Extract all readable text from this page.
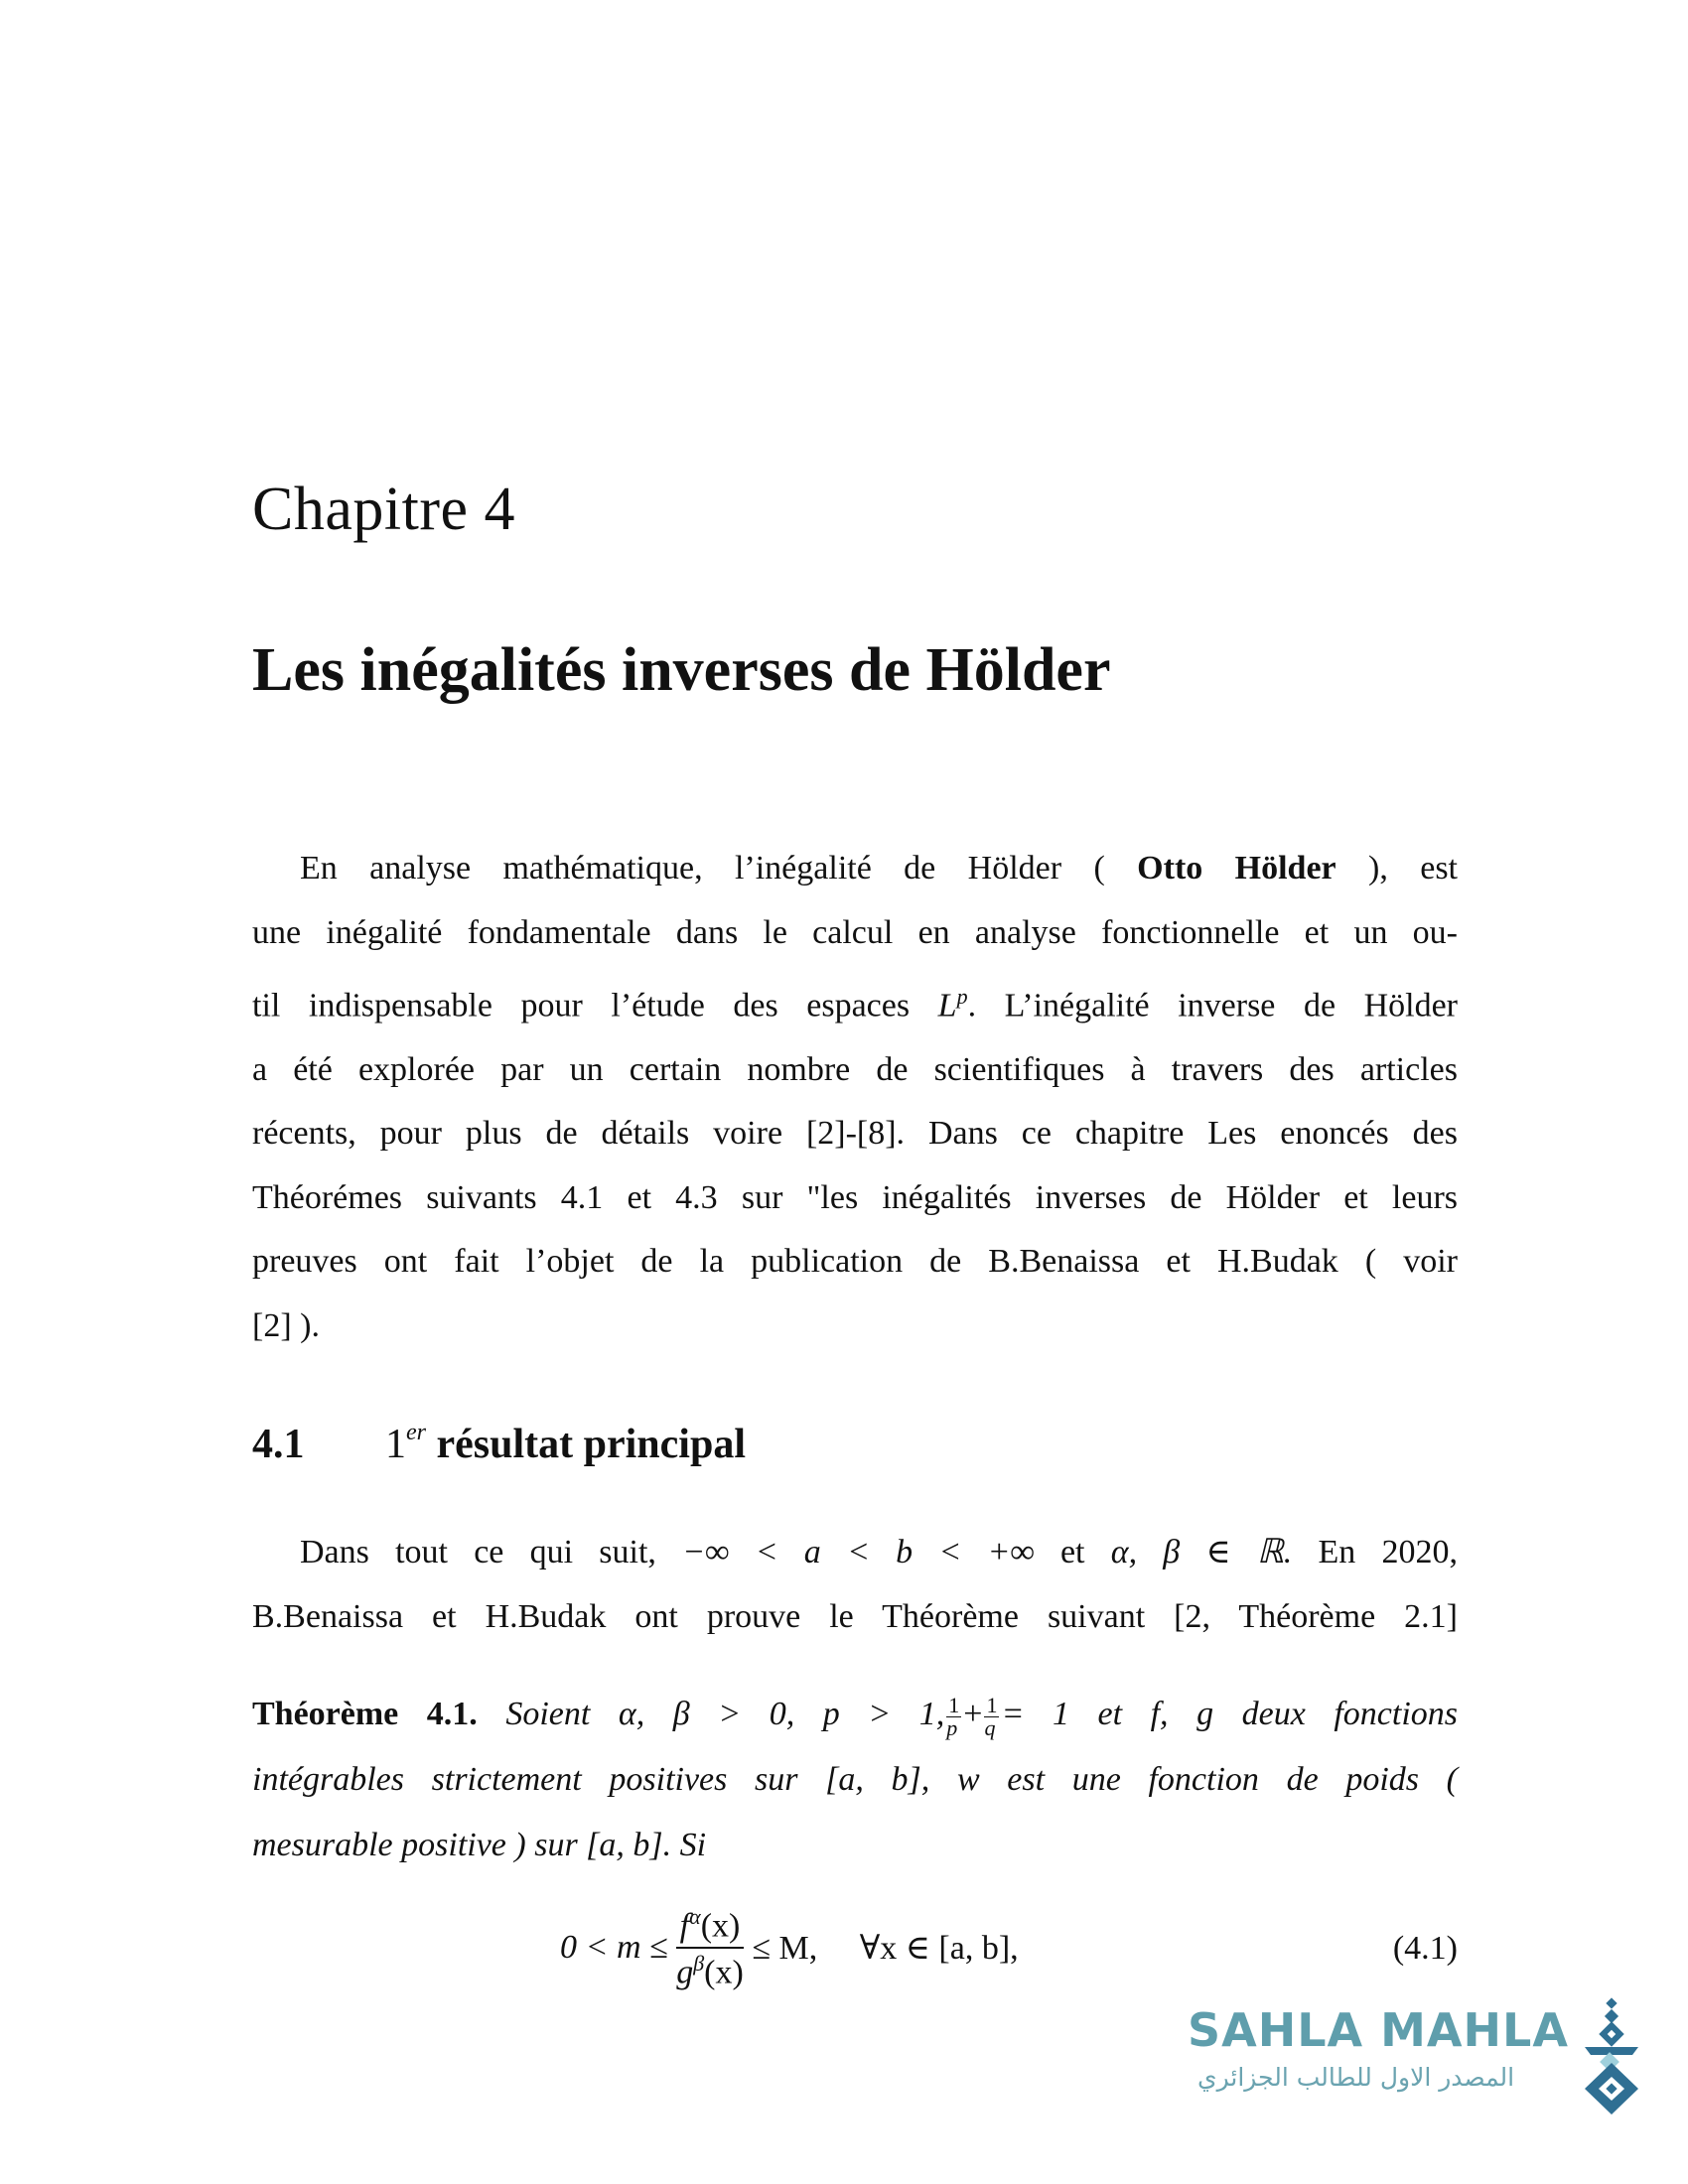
Chapitre 4
Les inégalités inverses de Hölder
En analyse mathématique, l’inégalité de Hölder ( Otto Hölder ), est
une inégalité fondamentale dans le calcul en analyse fonctionnelle et un ou-
til indispensable pour l’étude des espaces $L^p$. L’inégalité inverse de Hölder
a été explorée par un certain nombre de scientifiques à travers des articles
récents, pour plus de détails voire [2]-[8]. Dans ce chapitre Les enoncés des
Théorémes suivants 4.1 et 4.3 sur "les inégalités inverses de Hölder et leurs
preuves ont fait l’objet de la publication de B.Benaissa et H.Budak ( voir
[2] ).
4.1 1er résultat principal
Dans tout ce qui suit, −∞ < a < b < +∞ et α, β ∈ ℝ. En 2020,
B.Benaissa et H.Budak ont prouve le Théorème suivant [2, Théorème 2.1]
Théorème 4.1. Soient α, β > 0, p > 1, $\frac{1}{p} + \frac{1}{q} = 1$ et f, g deux fonctions
intégrables strictement positives sur [a, b], w est une fonction de poids (
mesurable positive ) sur [a, b]. Si
$0 < m \le \frac{f^\alpha(x)}{g^\beta(x)} \le M$,     ∀x ∈ [a, b],	(4.1)
SAHLA MAHLA
المصدر الاول للطالب الجزائري
